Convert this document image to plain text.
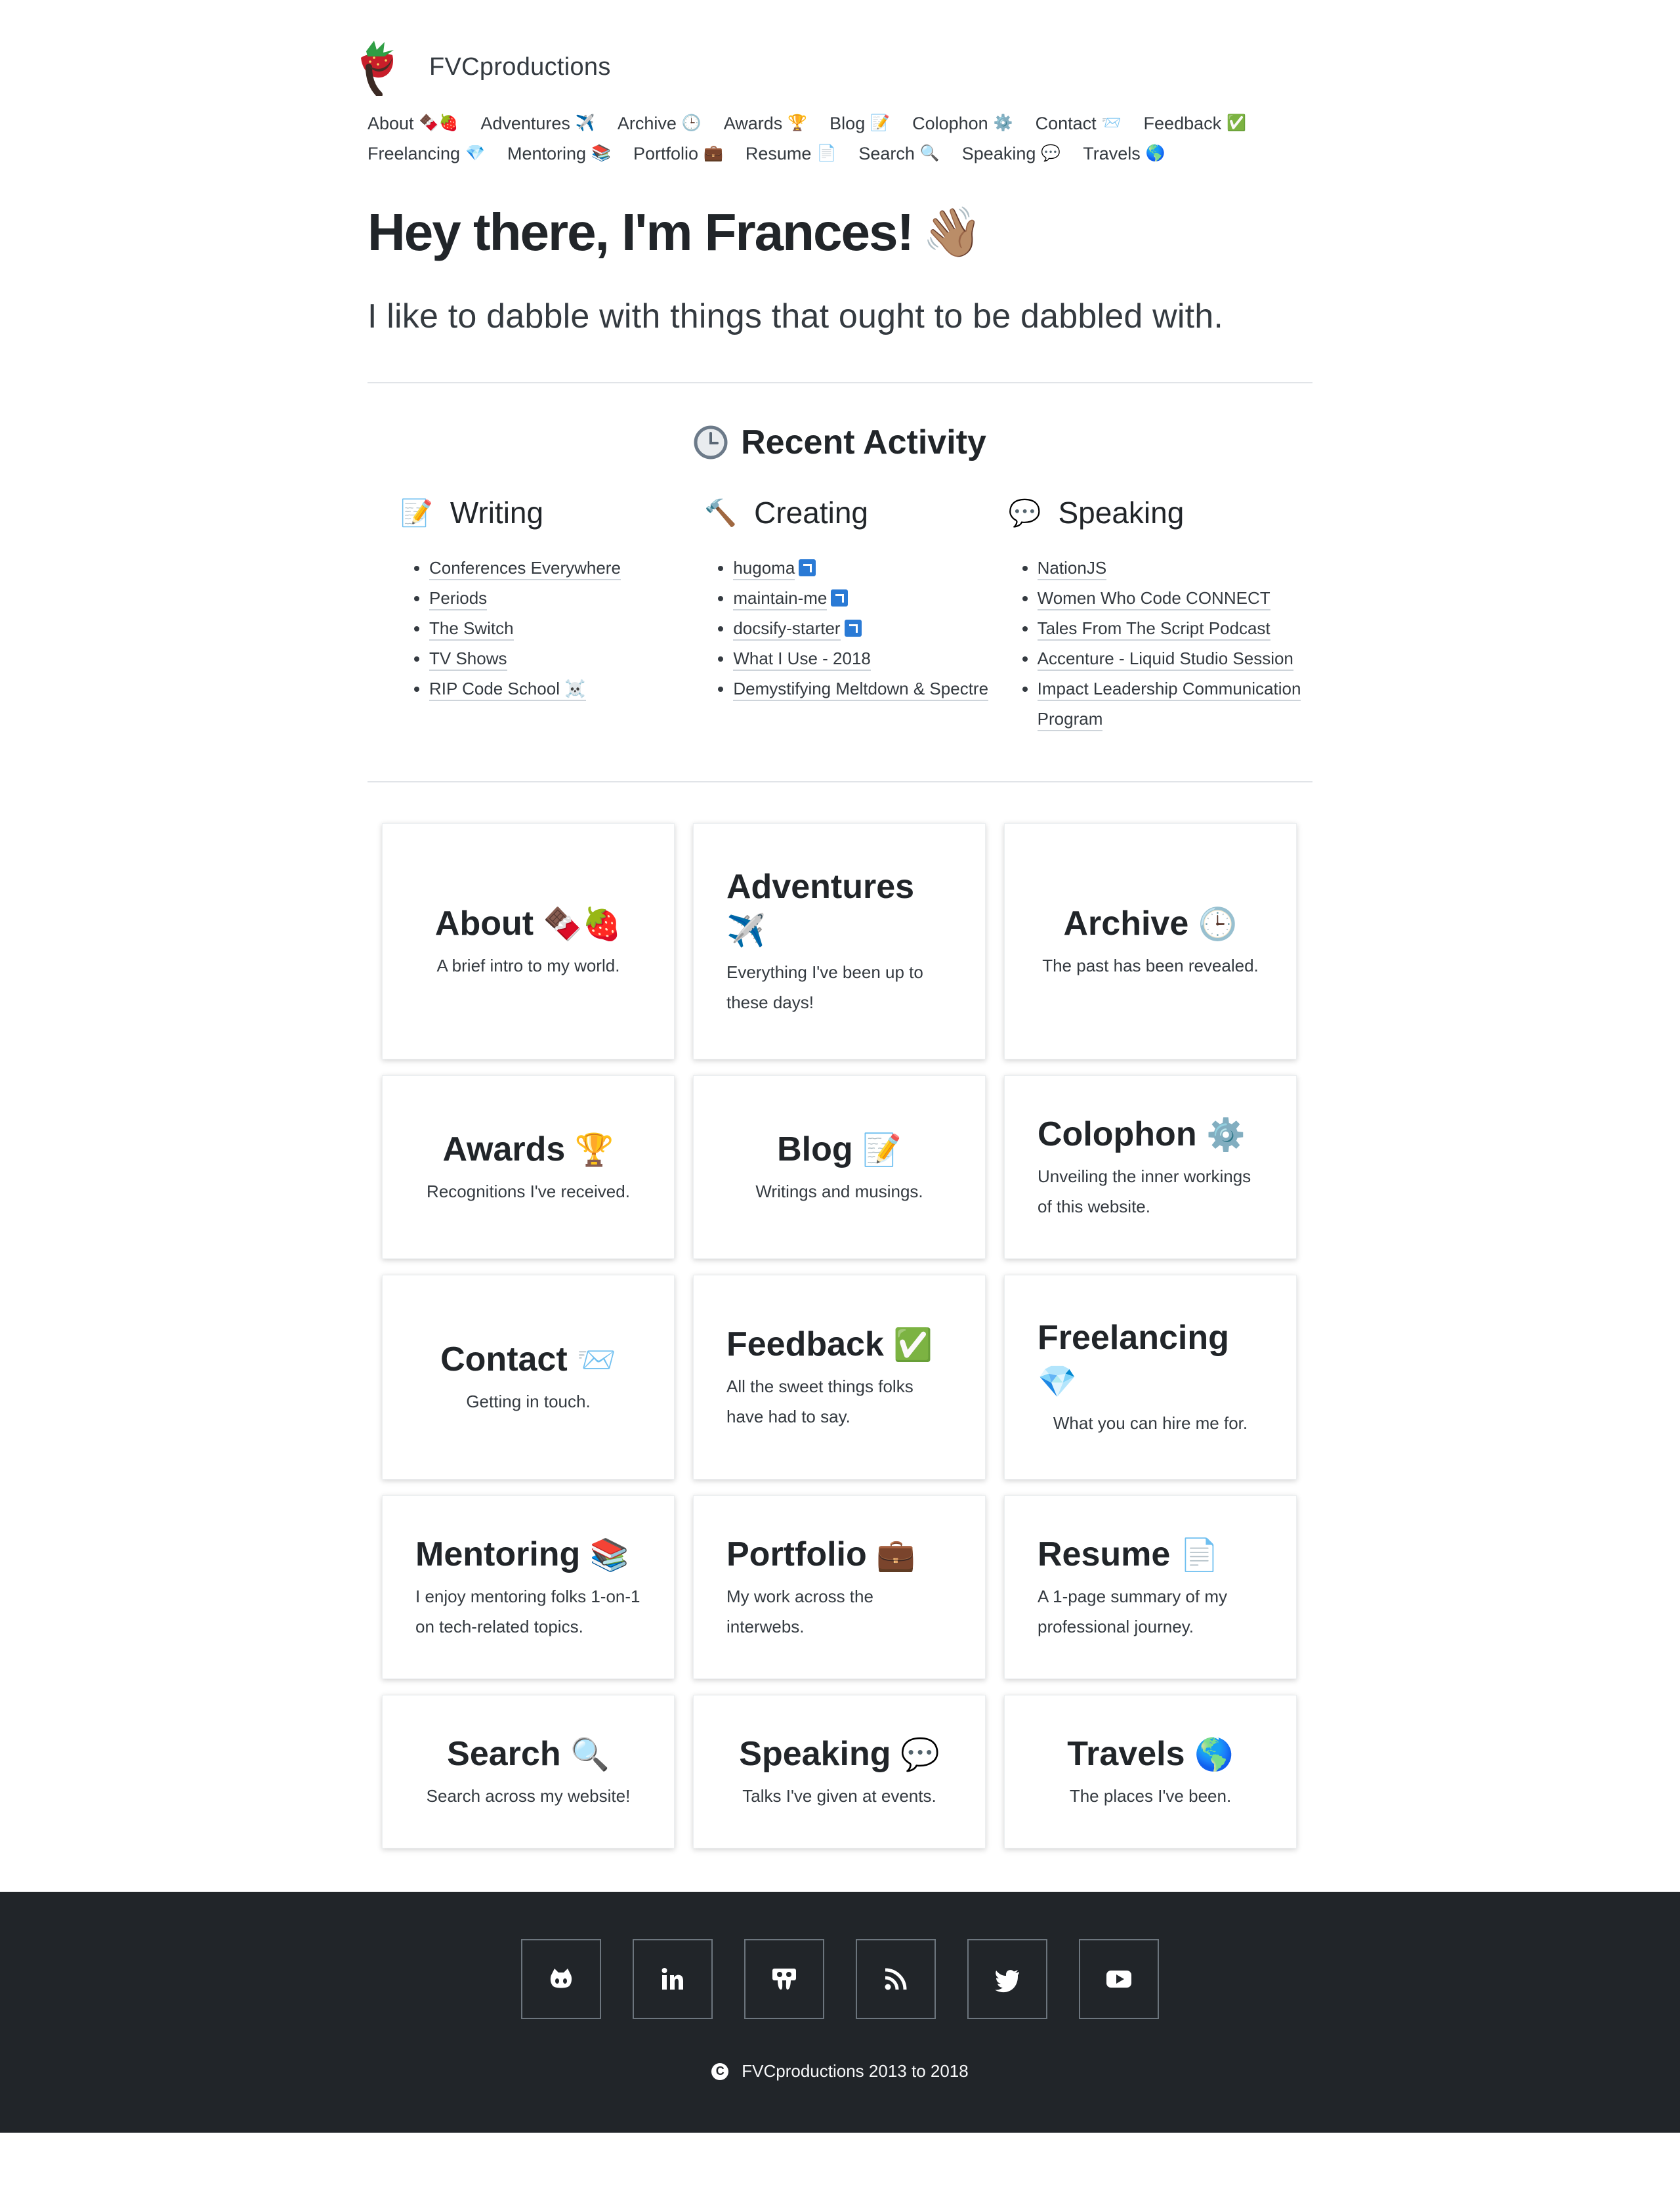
FVCproductions
About 🍫🍓 Adventures ✈️ Archive 🕒 Awards 🏆 Blog 📝 Colophon ⚙️ Contact 📨 Feedback ✅
Freelancing 💎 Mentoring 📚 Portfolio 💼 Resume 📄 Search 🔍 Speaking 💬 Travels 🌎
Hey there, I'm Frances! 👋🏽

I like to dabble with things that ought to be dabbled with.

Recent Activity
📝 Writing
• Conferences Everywhere
• Periods
• The Switch
• TV Shows
• RIP Code School ☠️
🔨 Creating
• hugoma
• maintain-me
• docsify-starter
• What I Use - 2018
• Demystifying Meltdown & Spectre
💬 Speaking
• NationJS
• Women Who Code CONNECT
• Tales From The Script Podcast
• Accenture - Liquid Studio Session
• Impact Leadership Communication Program
About 🍫🍓

A brief intro to my world.

Adventures
✈️

Everything I've been up to these days!

Archive 🕒

The past has been revealed.

Awards 🏆

Recognitions I've received.

Blog 📝

Writings and musings.

Colophon ⚙️

Unveiling the inner workings of this website.

Contact 📨

Getting in touch.

Feedback ✅

All the sweet things folks have had to say.

Freelancing
💎

What you can hire me for.

Mentoring 📚

I enjoy mentoring folks 1-on-1 on tech-related topics.

Portfolio 💼

My work across the interwebs.

Resume 📄

A 1-page summary of my professional journey.

Search 🔍

Search across my website!

Speaking 💬

Talks I've given at events.

Travels 🌎

The places I've been.

C FVCproductions 2013 to 2018
